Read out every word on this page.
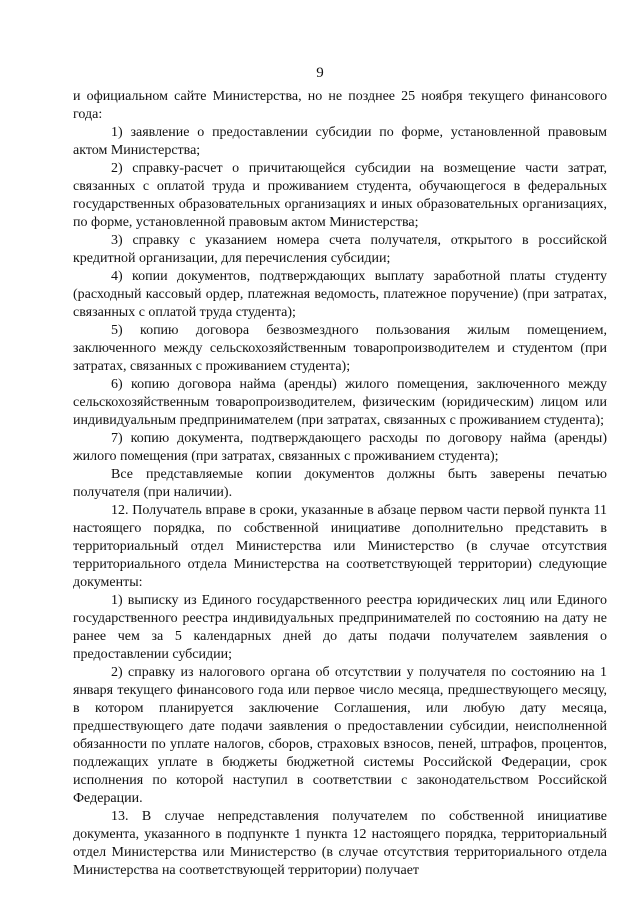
9

и официальном сайте Министерства, но не позднее 25 ноября текущего финансового года:

1) заявление о предоставлении субсидии по форме, установленной правовым актом Министерства;

2) справку-расчет о причитающейся субсидии на возмещение части затрат, связанных с оплатой труда и проживанием студента, обучающегося в федеральных государственных образовательных организациях и иных образовательных организациях, по форме, установленной правовым актом Министерства;

3) справку с указанием номера счета получателя, открытого в российской кредитной организации, для перечисления субсидии;

4) копии документов, подтверждающих выплату заработной платы студенту (расходный кассовый ордер, платежная ведомость, платежное поручение) (при затратах, связанных с оплатой труда студента);

5) копию договора безвозмездного пользования жилым помещением, заключенного между сельскохозяйственным товаропроизводителем и студентом (при затратах, связанных с проживанием студента);

6) копию договора найма (аренды) жилого помещения, заключенного между сельскохозяйственным товаропроизводителем, физическим (юридическим) лицом или индивидуальным предпринимателем (при затратах, связанных с проживанием студента);

7) копию документа, подтверждающего расходы по договору найма (аренды) жилого помещения (при затратах, связанных с проживанием студента);

Все представляемые копии документов должны быть заверены печатью получателя (при наличии).

12. Получатель вправе в сроки, указанные в абзаце первом части первой пункта 11 настоящего порядка, по собственной инициативе дополнительно представить в территориальный отдел Министерства или Министерство (в случае отсутствия территориального отдела Министерства на соответствующей территории) следующие документы:

1) выписку из Единого государственного реестра юридических лиц или Единого государственного реестра индивидуальных предпринимателей по состоянию на дату не ранее чем за 5 календарных дней до даты подачи получателем заявления о предоставлении субсидии;

2) справку из налогового органа об отсутствии у получателя по состоянию на 1 января текущего финансового года или первое число месяца, предшествующего месяцу, в котором планируется заключение Соглашения, или любую дату месяца, предшествующего дате подачи заявления о предоставлении субсидии, неисполненной обязанности по уплате налогов, сборов, страховых взносов, пеней, штрафов, процентов, подлежащих уплате в бюджеты бюджетной системы Российской Федерации, срок исполнения по которой наступил в соответствии с законодательством Российской Федерации.

13. В случае непредставления получателем по собственной инициативе документа, указанного в подпункте 1 пункта 12 настоящего порядка, территориальный отдел Министерства или Министерство (в случае отсутствия территориального отдела Министерства на соответствующей территории) получает
